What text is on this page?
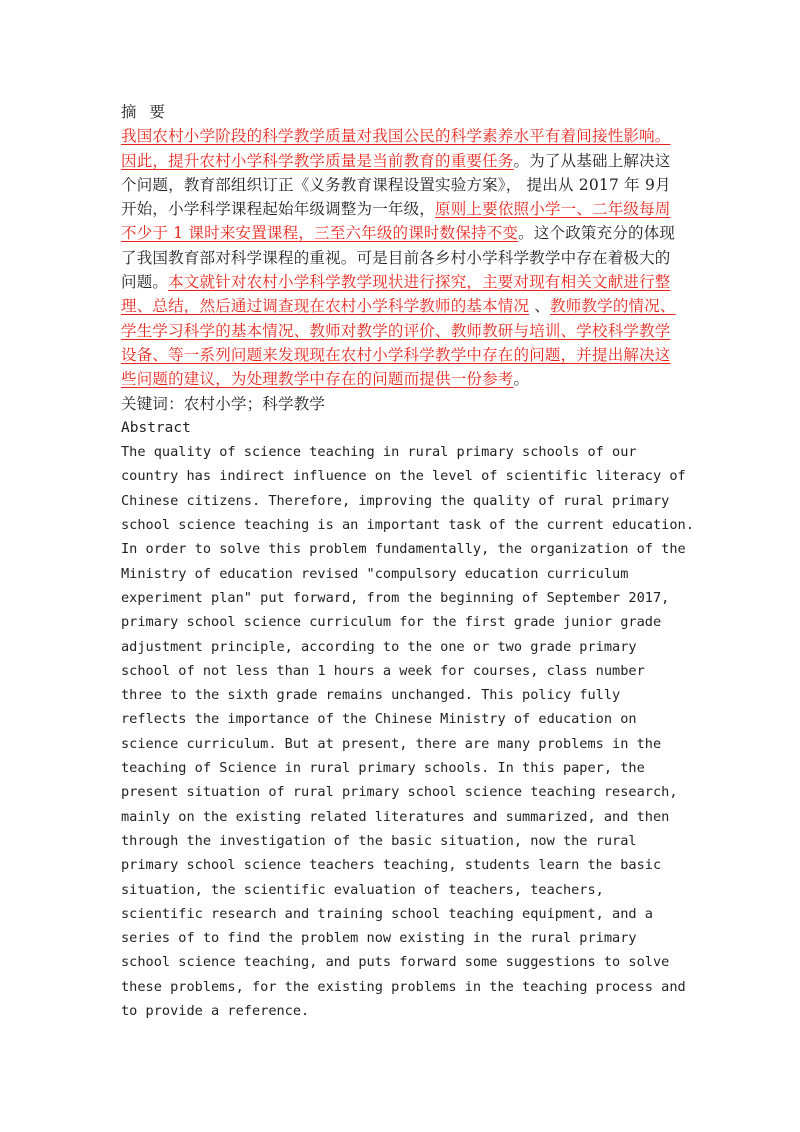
摘 要

我国农村小学阶段的科学教学质量对我国公民的科学素养水平有着间接性影响。因此，提升农村小学科学教学质量是当前教育的重要任务。为了从基础上解决这个问题，教育部组织订正《义务教育课程设置实验方案》， 提出从 2017 年 9月开始，小学科学课程起始年级调整为一年级，原则上要依照小学一、二年级每周不少于 1 课时来安置课程，三至六年级的课时数保持不变。这个政策充分的体现了我国教育部对科学课程的重视。可是目前各乡村小学科学教学中存在着极大的问题。本文就针对农村小学科学教学现状进行探究，主要对现有相关文献进行整理、总结，然后通过调查现在农村小学科学教师的基本情况 、教师教学的情况、学生学习科学的基本情况、教师对教学的评价、教师教研与培训、学校科学教学设备、等一系列问题来发现现在农村小学科学教学中存在的问题，并提出解决这些问题的建议，为处理教学中存在的问题而提供一份参考。

关键词：农村小学；科学教学

Abstract

The quality of science teaching in rural primary schools of our

country has indirect influence on the level of scientific literacy of

Chinese citizens. Therefore, improving the quality of rural primary

school science teaching is an important task of the current education.

In order to solve this problem fundamentally, the organization of the

Ministry of education revised "compulsory education curriculum

experiment plan" put forward, from the beginning of September 2017,

primary school science curriculum for the first grade junior grade

adjustment principle, according to the one or two grade primary

school of not less than 1 hours a week for courses, class number

three to the sixth grade remains unchanged. This policy fully

reflects the importance of the Chinese Ministry of education on

science curriculum. But at present, there are many problems in the

teaching of Science in rural primary schools. In this paper, the

present situation of rural primary school science teaching research,

mainly on the existing related literatures and summarized, and then

through the investigation of the basic situation, now the rural

primary school science teachers teaching, students learn the basic

situation, the scientific evaluation of teachers, teachers,

scientific research and training school teaching equipment, and a

series of to find the problem now existing in the rural primary

school science teaching, and puts forward some suggestions to solve

these problems, for the existing problems in the teaching process and

to provide a reference.
